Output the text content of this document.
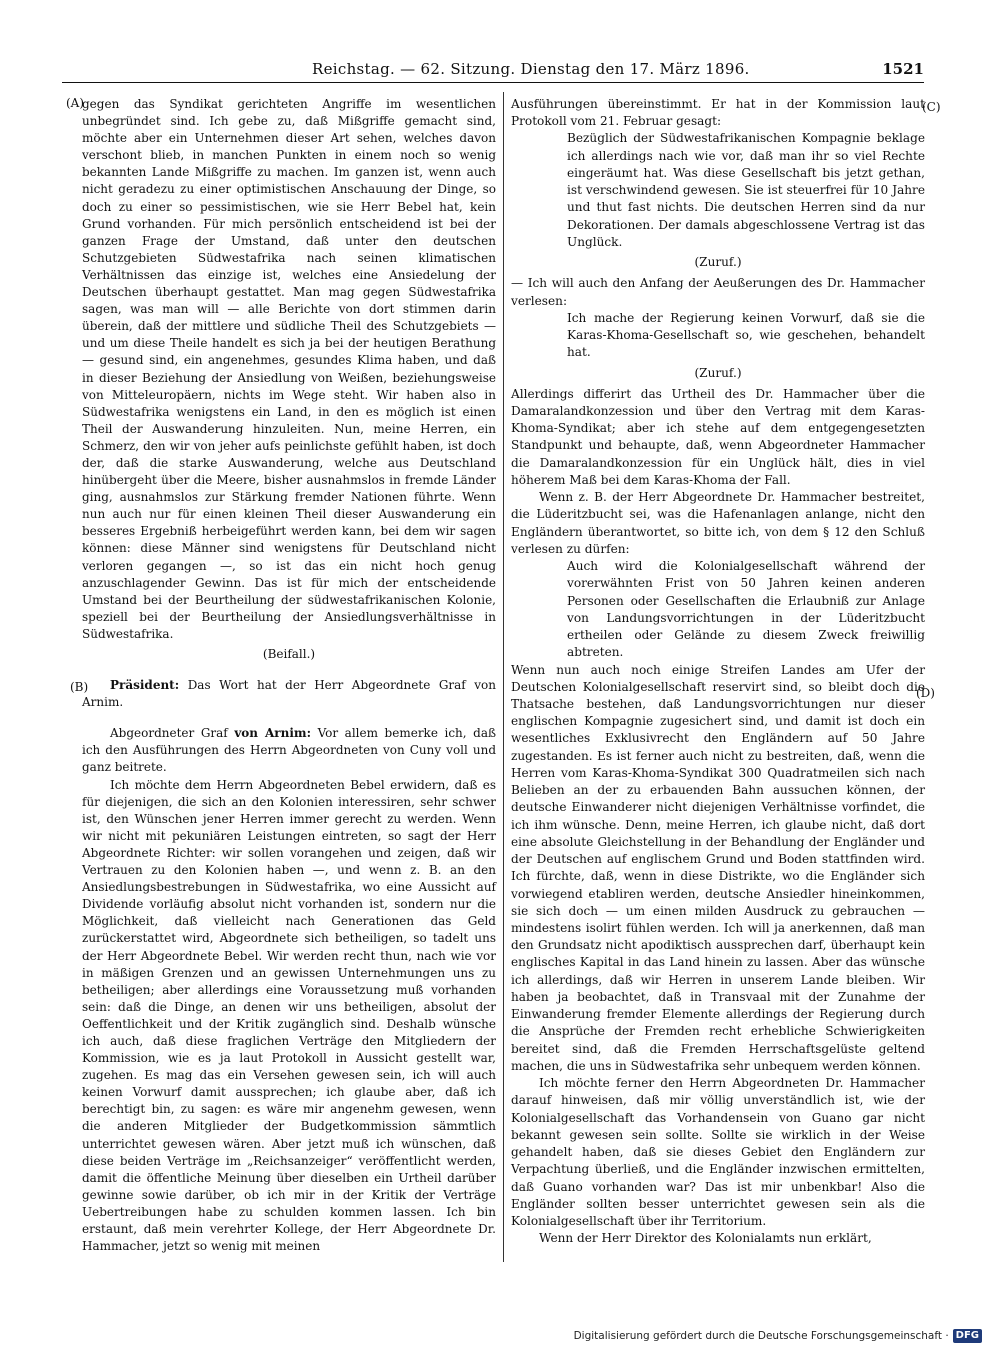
Reichstag. — 62. Sitzung. Dienstag den 17. März 1896.	1521
(A)
(B)
(C)
(D)

gegen das Syndikat gerichteten Angriffe im wesentlichen unbegründet sind. Ich gebe zu, daß Mißgriffe gemacht sind, möchte aber ein Unternehmen dieser Art sehen, welches davon verschont blieb, in manchen Punkten in einem noch so wenig bekannten Lande Mißgriffe zu machen. Im ganzen ist, wenn auch nicht geradezu zu einer optimistischen Anschauung der Dinge, so doch zu einer so pessimistischen, wie sie Herr Bebel hat, kein Grund vorhanden. Für mich persönlich entscheidend ist bei der ganzen Frage der Umstand, daß unter den deutschen Schutzgebieten Südwestafrika nach seinen klimatischen Verhältnissen das einzige ist, welches eine Ansiedelung der Deutschen überhaupt gestattet. Man mag gegen Südwestafrika sagen, was man will — alle Berichte von dort stimmen darin überein, daß der mittlere und südliche Theil des Schutzgebiets — und um diese Theile handelt es sich ja bei der heutigen Berathung — gesund sind, ein angenehmes, gesundes Klima haben, und daß in dieser Beziehung der Ansiedlung von Weißen, beziehungsweise von Mitteleuropäern, nichts im Wege steht. Wir haben also in Südwestafrika wenigstens ein Land, in den es möglich ist einen Theil der Auswanderung hinzuleiten. Nun, meine Herren, ein Schmerz, den wir von jeher aufs peinlichste gefühlt haben, ist doch der, daß die starke Auswanderung, welche aus Deutschland hinübergeht über die Meere, bisher ausnahmslos in fremde Länder ging, ausnahmslos zur Stärkung fremder Nationen führte. Wenn nun auch nur für einen kleinen Theil dieser Auswanderung ein besseres Ergebniß herbeigeführt werden kann, bei dem wir sagen können: diese Männer sind wenigstens für Deutschland nicht verloren gegangen —, so ist das ein nicht hoch genug anzuschlagender Gewinn. Das ist für mich der entscheidende Umstand bei der Beurtheilung der südwestafrikanischen Kolonie, speziell bei der Beurtheilung der Ansiedlungsverhältnisse in Südwestafrika.

(Beifall.)

Präsident: Das Wort hat der Herr Abgeordnete Graf von Arnim.

Abgeordneter Graf von Arnim: Vor allem bemerke ich, daß ich den Ausführungen des Herrn Abgeordneten von Cuny voll und ganz beitrete.

Ich möchte dem Herrn Abgeordneten Bebel erwidern, daß es für diejenigen, die sich an den Kolonien interessiren, sehr schwer ist, den Wünschen jener Herren immer gerecht zu werden. Wenn wir nicht mit pekuniären Leistungen eintreten, so sagt der Herr Abgeordnete Richter: wir sollen vorangehen und zeigen, daß wir Vertrauen zu den Kolonien haben —, und wenn z. B. an den Ansiedlungsbestrebungen in Südwestafrika, wo eine Aussicht auf Dividende vorläufig absolut nicht vorhanden ist, sondern nur die Möglichkeit, daß vielleicht nach Generationen das Geld zurückerstattet wird, Abgeordnete sich betheiligen, so tadelt uns der Herr Abgeordnete Bebel. Wir werden recht thun, nach wie vor in mäßigen Grenzen und an gewissen Unternehmungen uns zu betheiligen; aber allerdings eine Voraussetzung muß vorhanden sein: daß die Dinge, an denen wir uns betheiligen, absolut der Oeffentlichkeit und der Kritik zugänglich sind. Deshalb wünsche ich auch, daß diese fraglichen Verträge den Mitgliedern der Kommission, wie es ja laut Protokoll in Aussicht gestellt war, zugehen. Es mag das ein Versehen gewesen sein, ich will auch keinen Vorwurf damit aussprechen; ich glaube aber, daß ich berechtigt bin, zu sagen: es wäre mir angenehm gewesen, wenn die anderen Mitglieder der Budgetkommission sämmtlich unterrichtet gewesen wären. Aber jetzt muß ich wünschen, daß diese beiden Verträge im „Reichsanzeiger“ veröffentlicht werden, damit die öffentliche Meinung über dieselben ein Urtheil darüber gewinne sowie darüber, ob ich mir in der Kritik der Verträge Uebertreibungen habe zu schulden kommen lassen. Ich bin erstaunt, daß mein verehrter Kollege, der Herr Abgeordnete Dr. Hammacher, jetzt so wenig mit meinen

Ausführungen übereinstimmt. Er hat in der Kommission laut Protokoll vom 21. Februar gesagt:

Bezüglich der Südwestafrikanischen Kompagnie beklage ich allerdings nach wie vor, daß man ihr so viel Rechte eingeräumt hat. Was diese Gesellschaft bis jetzt gethan, ist verschwindend gewesen. Sie ist steuerfrei für 10 Jahre und thut fast nichts. Die deutschen Herren sind da nur Dekorationen. Der damals abgeschlossene Vertrag ist das Unglück.

(Zuruf.)

— Ich will auch den Anfang der Aeußerungen des Dr. Hammacher verlesen:

Ich mache der Regierung keinen Vorwurf, daß sie die Karas-Khoma-Gesellschaft so, wie geschehen, behandelt hat.

(Zuruf.)

Allerdings differirt das Urtheil des Dr. Hammacher über die Damaralandkonzession und über den Vertrag mit dem Karas-Khoma-Syndikat; aber ich stehe auf dem entgegengesetzten Standpunkt und behaupte, daß, wenn Abgeordneter Hammacher die Damaralandkonzession für ein Unglück hält, dies in viel höherem Maß bei dem Karas-Khoma der Fall.

Wenn z. B. der Herr Abgeordnete Dr. Hammacher bestreitet, die Lüderitzbucht sei, was die Hafenanlagen anlange, nicht den Engländern überantwortet, so bitte ich, von dem § 12 den Schluß verlesen zu dürfen:

Auch wird die Kolonialgesellschaft während der vorerwähnten Frist von 50 Jahren keinen anderen Personen oder Gesellschaften die Erlaubniß zur Anlage von Landungsvorrichtungen in der Lüderitzbucht ertheilen oder Gelände zu diesem Zweck freiwillig abtreten.

Wenn nun auch noch einige Streifen Landes am Ufer der Deutschen Kolonialgesellschaft reservirt sind, so bleibt doch die Thatsache bestehen, daß Landungsvorrichtungen nur dieser englischen Kompagnie zugesichert sind, und damit ist doch ein wesentliches Exklusivrecht den Engländern auf 50 Jahre zugestanden. Es ist ferner auch nicht zu bestreiten, daß, wenn die Herren vom Karas-Khoma-Syndikat 300 Quadratmeilen sich nach Belieben an der zu erbauenden Bahn aussuchen können, der deutsche Einwanderer nicht diejenigen Verhältnisse vorfindet, die ich ihm wünsche. Denn, meine Herren, ich glaube nicht, daß dort eine absolute Gleichstellung in der Behandlung der Engländer und der Deutschen auf englischem Grund und Boden stattfinden wird. Ich fürchte, daß, wenn in diese Distrikte, wo die Engländer sich vorwiegend etabliren werden, deutsche Ansiedler hineinkommen, sie sich doch — um einen milden Ausdruck zu gebrauchen — mindestens isolirt fühlen werden. Ich will ja anerkennen, daß man den Grundsatz nicht apodiktisch aussprechen darf, überhaupt kein englisches Kapital in das Land hinein zu lassen. Aber das wünsche ich allerdings, daß wir Herren in unserem Lande bleiben. Wir haben ja beobachtet, daß in Transvaal mit der Zunahme der Einwanderung fremder Elemente allerdings der Regierung durch die Ansprüche der Fremden recht erhebliche Schwierigkeiten bereitet sind, daß die Fremden Herrschaftsgelüste geltend machen, die uns in Südwestafrika sehr unbequem werden können.

Ich möchte ferner den Herrn Abgeordneten Dr. Hammacher darauf hinweisen, daß mir völlig unverständlich ist, wie der Kolonialgesellschaft das Vorhandensein von Guano gar nicht bekannt gewesen sein sollte. Sollte sie wirklich in der Weise gehandelt haben, daß sie dieses Gebiet den Engländern zur Verpachtung überließ, und die Engländer inzwischen ermittelten, daß Guano vorhanden war? Das ist mir unbenkbar! Also die Engländer sollten besser unterrichtet gewesen sein als die Kolonialgesellschaft über ihr Territorium.

Wenn der Herr Direktor des Kolonialamts nun erklärt,

Digitalisierung gefördert durch die Deutsche Forschungsgemeinschaft · DFG
